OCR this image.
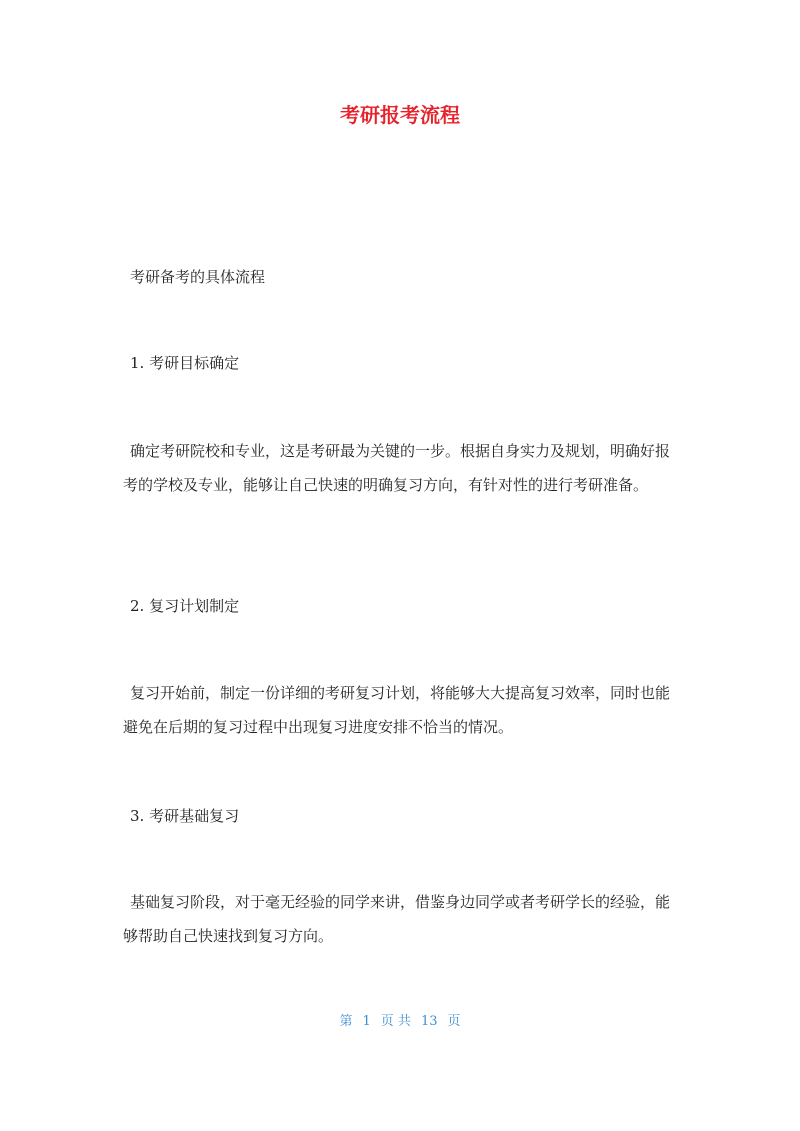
考研报考流程
考研备考的具体流程
1. 考研目标确定
确定考研院校和专业，这是考研最为关键的一步。根据自身实力及规划，明确好报考的学校及专业，能够让自己快速的明确复习方向，有针对性的进行考研准备。
2. 复习计划制定
复习开始前，制定一份详细的考研复习计划，将能够大大提高复习效率，同时也能避免在后期的复习过程中出现复习进度安排不恰当的情况。
3. 考研基础复习
基础复习阶段，对于毫无经验的同学来讲，借鉴身边同学或者考研学长的经验，能够帮助自己快速找到复习方向。
第 1 页 共 13 页
